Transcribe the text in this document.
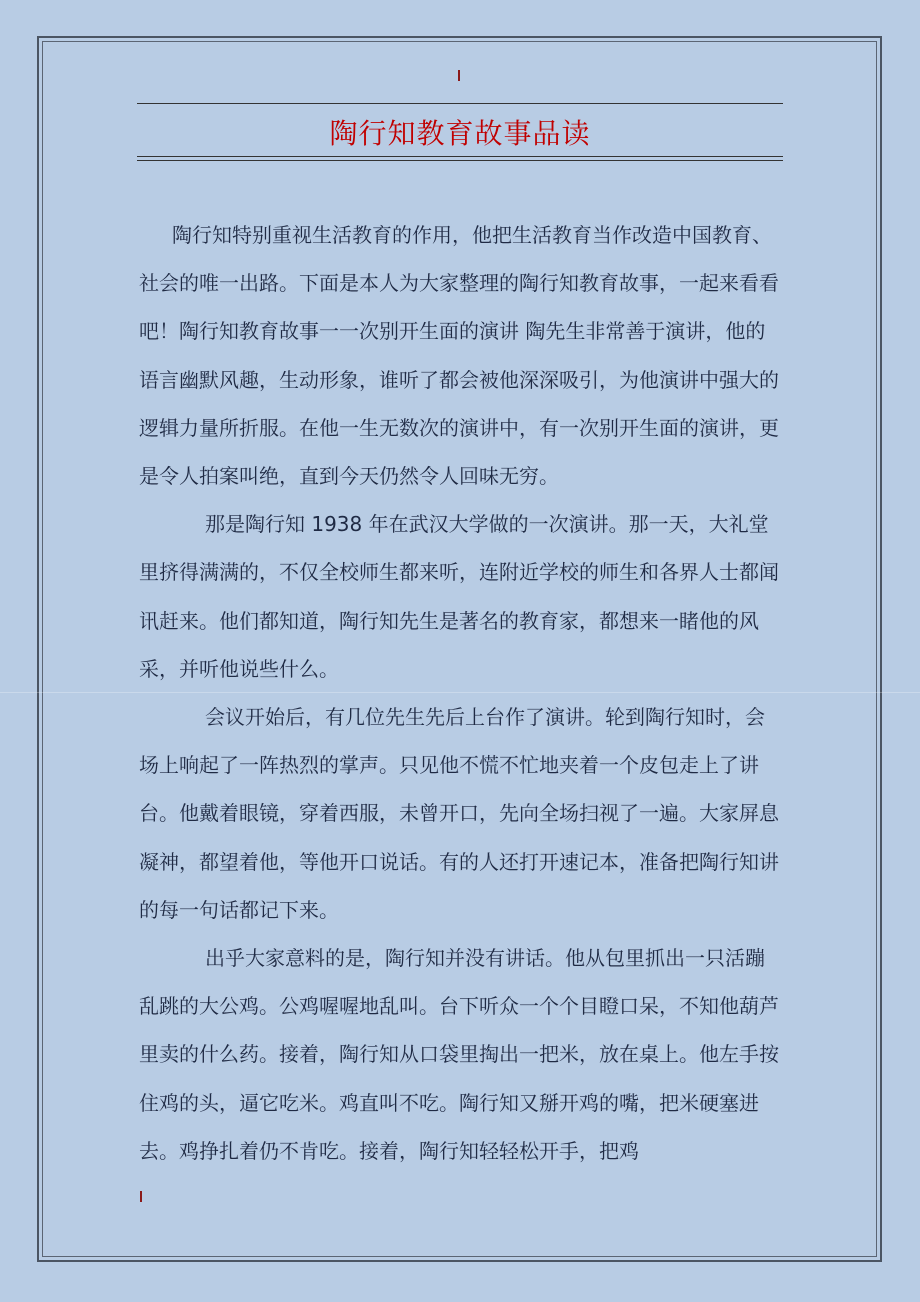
陶行知教育故事品读

陶行知特别重视生活教育的作用，他把生活教育当作改造中国教育、社会的唯一出路。下面是本人为大家整理的陶行知教育故事，一起来看看吧！陶行知教育故事一一次别开生面的演讲 陶先生非常善于演讲，他的语言幽默风趣，生动形象，谁听了都会被他深深吸引，为他演讲中强大的逻辑力量所折服。在他一生无数次的演讲中，有一次别开生面的演讲，更是令人拍案叫绝，直到今天仍然令人回味无穷。

那是陶行知 1938 年在武汉大学做的一次演讲。那一天，大礼堂里挤得满满的，不仅全校师生都来听，连附近学校的师生和各界人士都闻讯赶来。他们都知道，陶行知先生是著名的教育家，都想来一睹他的风采，并听他说些什么。

会议开始后，有几位先生先后上台作了演讲。轮到陶行知时，会场上响起了一阵热烈的掌声。只见他不慌不忙地夹着一个皮包走上了讲台。他戴着眼镜，穿着西服，未曾开口，先向全场扫视了一遍。大家屏息凝神，都望着他，等他开口说话。有的人还打开速记本，准备把陶行知讲的每一句话都记下来。

出乎大家意料的是，陶行知并没有讲话。他从包里抓出一只活蹦乱跳的大公鸡。公鸡喔喔地乱叫。台下听众一个个目瞪口呆，不知他葫芦里卖的什么药。接着，陶行知从口袋里掏出一把米，放在桌上。他左手按住鸡的头，逼它吃米。鸡直叫不吃。陶行知又掰开鸡的嘴，把米硬塞进去。鸡挣扎着仍不肯吃。接着，陶行知轻轻松开手，把鸡
